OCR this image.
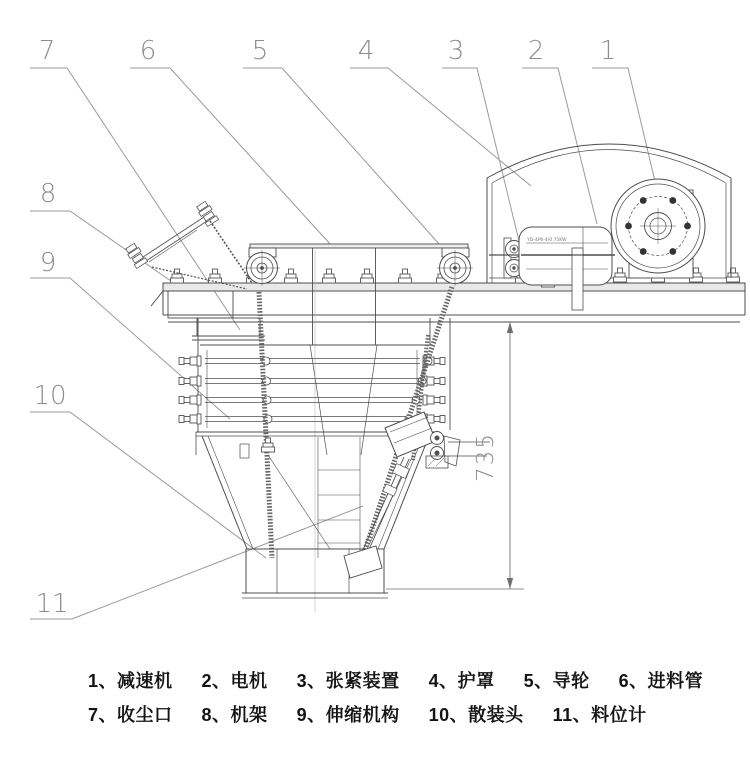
1
2
3
4
5
6
7
8
9
10
11
YD-4P6-4/0.75KW
735
1、减速机 2、电机 3、张紧装置 4、护罩 5、导轮 6、进料管
7、收尘口 8、机架 9、伸缩机构 10、散装头 11、料位计
